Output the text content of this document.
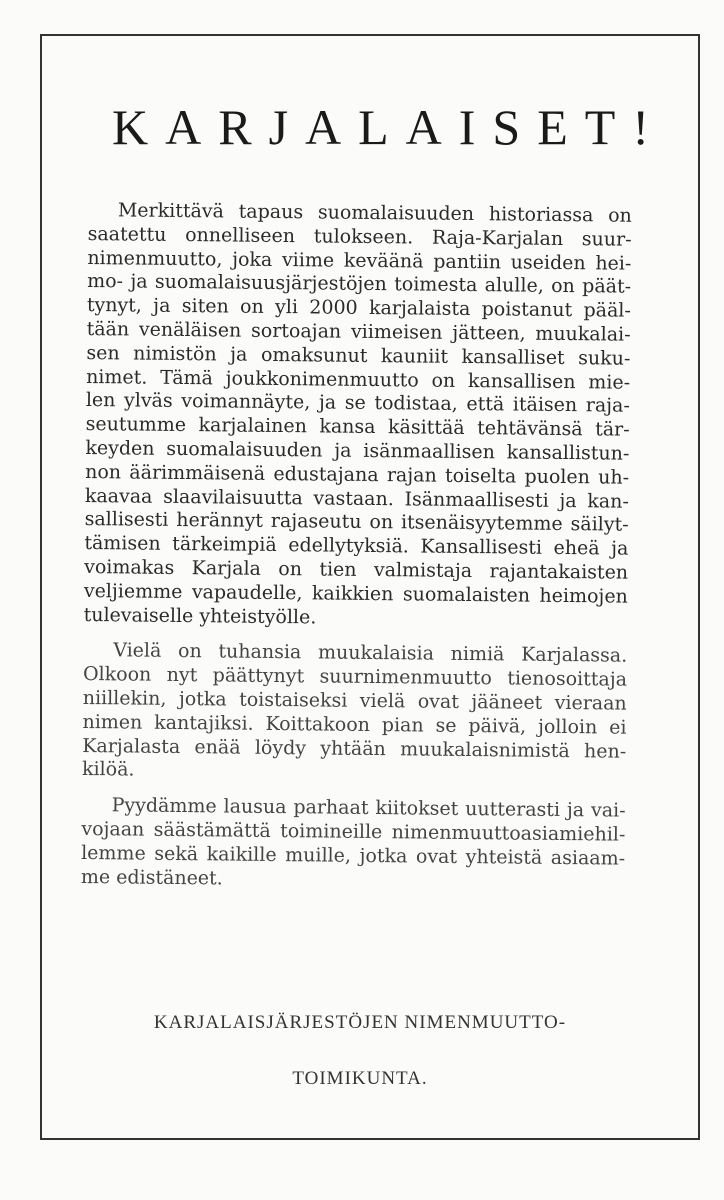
KARJALAISET!
Merkittävä tapaus suomalaisuuden historiassa on
saatettu onnelliseen tulokseen. Raja-Karjalan suur-
nimenmuutto, joka viime keväänä pantiin useiden hei-
mo- ja suomalaisuusjärjestöjen toimesta alulle, on päät-
tynyt, ja siten on yli 2000 karjalaista poistanut pääl-
tään venäläisen sortoajan viimeisen jätteen, muukalai-
sen nimistön ja omaksunut kauniit kansalliset suku-
nimet. Tämä joukkonimenmuutto on kansallisen mie-
len ylväs voimannäyte, ja se todistaa, että itäisen raja-
seutumme karjalainen kansa käsittää tehtävänsä tär-
keyden suomalaisuuden ja isänmaallisen kansallistun-
non äärimmäisenä edustajana rajan toiselta puolen uh-
kaavaa slaavilaisuutta vastaan. Isänmaallisesti ja kan-
sallisesti herännyt rajaseutu on itsenäisyytemme säilyt-
tämisen tärkeimpiä edellytyksiä. Kansallisesti eheä ja
voimakas Karjala on tien valmistaja rajantakaisten
veljiemme vapaudelle, kaikkien suomalaisten heimojen
tulevaiselle yhteistyölle.
Vielä on tuhansia muukalaisia nimiä Karjalassa.
Olkoon nyt päättynyt suurnimenmuutto tienosoittaja
niillekin, jotka toistaiseksi vielä ovat jääneet vieraan
nimen kantajiksi. Koittakoon pian se päivä, jolloin ei
Karjalasta enää löydy yhtään muukalaisnimistä hen-
kilöä.
Pyydämme lausua parhaat kiitokset uutterasti ja vai-
vojaan säästämättä toimineille nimenmuuttoasiamiehil-
lemme sekä kaikille muille, jotka ovat yhteistä asiaam-
me edistäneet.
KARJALAISJÄRJESTÖJEN NIMENMUUTTO-
TOIMIKUNTA.
